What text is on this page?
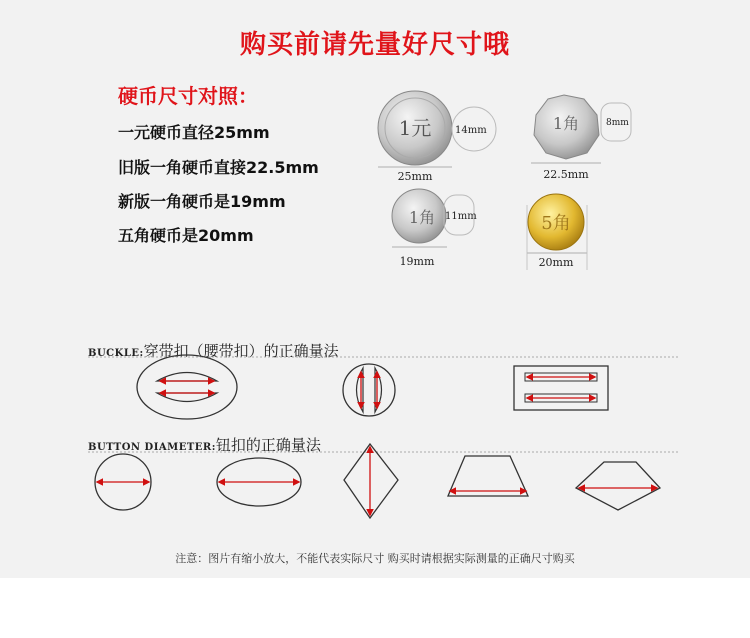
购买前请先量好尺寸哦
硬币尺寸对照：
一元硬币直径25mm
旧版一角硬币直接22.5mm
新版一角硬币是19mm
五角硬币是20mm
1元 14mm
25mm
1角	8mm
22.5mm
1角 11mm
19mm
5角
20mm
BUCKLE:穿带扣（腰带扣）的正确量法
BUTTON DIAMETER:钮扣的正确量法
注意：图片有缩小放大，不能代表实际尺寸 购买时请根据实际测量的正确尺寸购买
